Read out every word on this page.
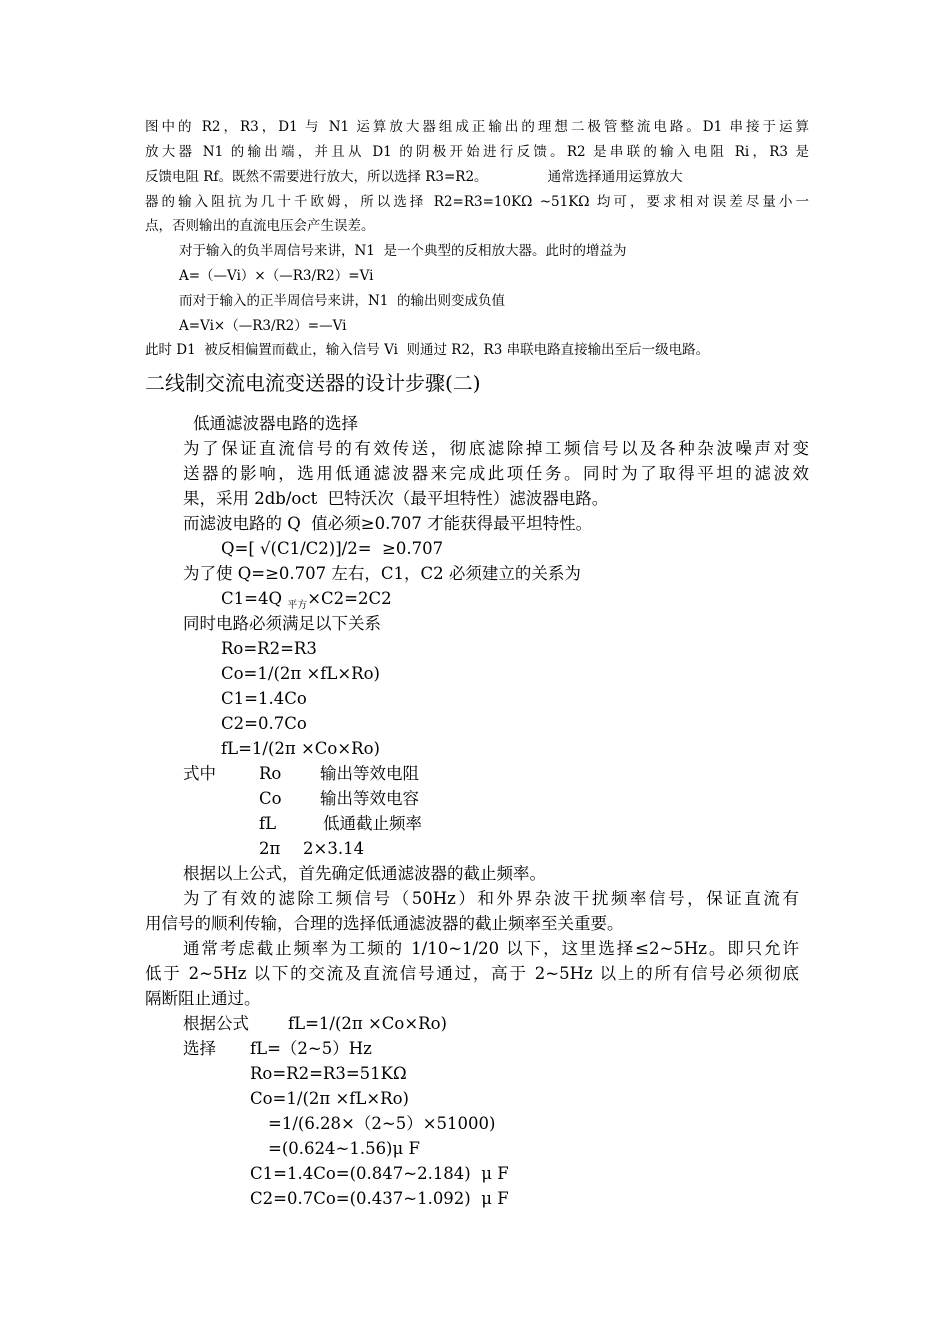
图中的 R2，R3，D1 与 N1 运算放大器组成正输出的理想二极管整流电路。D1 串接于运算
放大器 N1 的输出端，并且从 D1 的阴极开始进行反馈。R2 是串联的输入电阻 Ri，R3 是
反馈电阻 Rf。既然不需要进行放大，所以选择 R3=R2。              通常选择通用运算放大
器的输入阻抗为几十千欧姆，所以选择 R2=R3=10KΩ ~51KΩ 均可，要求相对误差尽量小一
点，否则输出的直流电压会产生误差。
对于输入的负半周信号来讲，N1  是一个典型的反相放大器。此时的增益为
A=（—Vi）×（—R3/R2）=Vi
而对于输入的正半周信号来讲，N1  的输出则变成负值
A=Vi×（—R3/R2）=—Vi
此时 D1  被反相偏置而截止，输入信号 Vi  则通过 R2，R3 串联电路直接输出至后一级电路。
二线制交流电流变送器的设计步骤(二)
低通滤波器电路的选择
为了保证直流信号的有效传送，彻底滤除掉工频信号以及各种杂波噪声对变
送器的影响，选用低通滤波器来完成此项任务。同时为了取得平坦的滤波效
果，采用 2db/oct  巴特沃次（最平坦特性）滤波器电路。
而滤波电路的 Q  值必须≥0.707 才能获得最平坦特性。
Q=[ √(C1/C2)]/2=  ≥0.707
为了使 Q=≥0.707 左右，C1，C2 必须建立的关系为
C1=4Q $_{平方}$×C2=2C2
同时电路必须满足以下关系
Ro=R2=R3
Co=1/(2π ×fL×Ro)
C1=1.4Co
C2=0.7Co
fL=1/(2π ×Co×Ro)
式中	Ro 输出等效电阻
Co 输出等效电容
fL	低通截止频率
2π 2×3.14
根据以上公式，首先确定低通滤波器的截止频率。
为了有效的滤除工频信号（50Hz）和外界杂波干扰频率信号，保证直流有
用信号的顺利传输，合理的选择低通滤波器的截止频率至关重要。
通常考虑截止频率为工频的 1/10~1/20 以下，这里选择≤2~5Hz。即只允许
低于 2~5Hz 以下的交流及直流信号通过，高于 2~5Hz 以上的所有信号必须彻底
隔断阻止通过。
根据公式 fL=1/(2π ×Co×Ro)
选择 fL=（2~5）Hz
Ro=R2=R3=51KΩ
Co=1/(2π ×fL×Ro)
=1/(6.28×（2~5）×51000)
=(0.624~1.56)μ F
C1=1.4Co=(0.847~2.184)  μ F
C2=0.7Co=(0.437~1.092)  μ F
